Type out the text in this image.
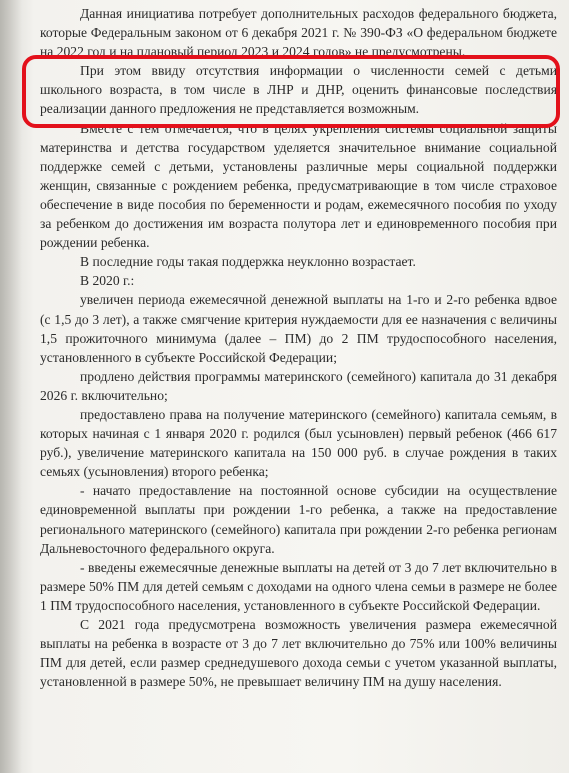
Данная инициатива потребует дополнительных расходов федерального бюджета, которые Федеральным законом от 6 декабря 2021 г. № 390-ФЗ «О федеральном бюджете на 2022 год и на плановый период 2023 и 2024 годов» не предусмотрены.

При этом ввиду отсутствия информации о численности семей с детьми школьного возраста, в том числе в ЛНР и ДНР, оценить финансовые последствия реализации данного предложения не представляется возможным.

Вместе с тем отмечается, что в целях укрепления системы социальной защиты материнства и детства государством уделяется значительное внимание социальной поддержке семей с детьми, установлены различные меры социальной поддержки женщин, связанные с рождением ребенка, предусматривающие в том числе страховое обеспечение в виде пособия по беременности и родам, ежемесячного пособия по уходу за ребенком до достижения им возраста полутора лет и единовременного пособия при рождении ребенка.

В последние годы такая поддержка неуклонно возрастает.

В 2020 г.:

увеличен периода ежемесячной денежной выплаты на 1-го и 2-го ребенка вдвое (с 1,5 до 3 лет), а также смягчение критерия нуждаемости для ее назначения с величины 1,5 прожиточного минимума (далее – ПМ) до 2 ПМ трудоспособного населения, установленного в субъекте Российской Федерации;

продлено действия программы материнского (семейного) капитала до 31 декабря 2026 г. включительно;

предоставлено права на получение материнского (семейного) капитала семьям, в которых начиная с 1 января 2020 г. родился (был усыновлен) первый ребенок (466 617 руб.), увеличение материнского капитала на 150 000 руб. в случае рождения в таких семьях (усыновления) второго ребенка;

- начато предоставление на постоянной основе субсидии на осуществление единовременной выплаты при рождении 1-го ребенка, а также на предоставление регионального материнского (семейного) капитала при рождении 2-го ребенка регионам Дальневосточного федерального округа.

- введены ежемесячные денежные выплаты на детей от 3 до 7 лет включительно в размере 50% ПМ для детей семьям с доходами на одного члена семьи в размере не более 1 ПМ трудоспособного населения, установленного в субъекте Российской Федерации.

С 2021 года предусмотрена возможность увеличения размера ежемесячной выплаты на ребенка в возрасте от 3 до 7 лет включительно до 75% или 100% величины ПМ для детей, если размер среднедушевого дохода семьи с учетом указанной выплаты, установленной в размере 50%, не превышает величину ПМ на душу населения.
